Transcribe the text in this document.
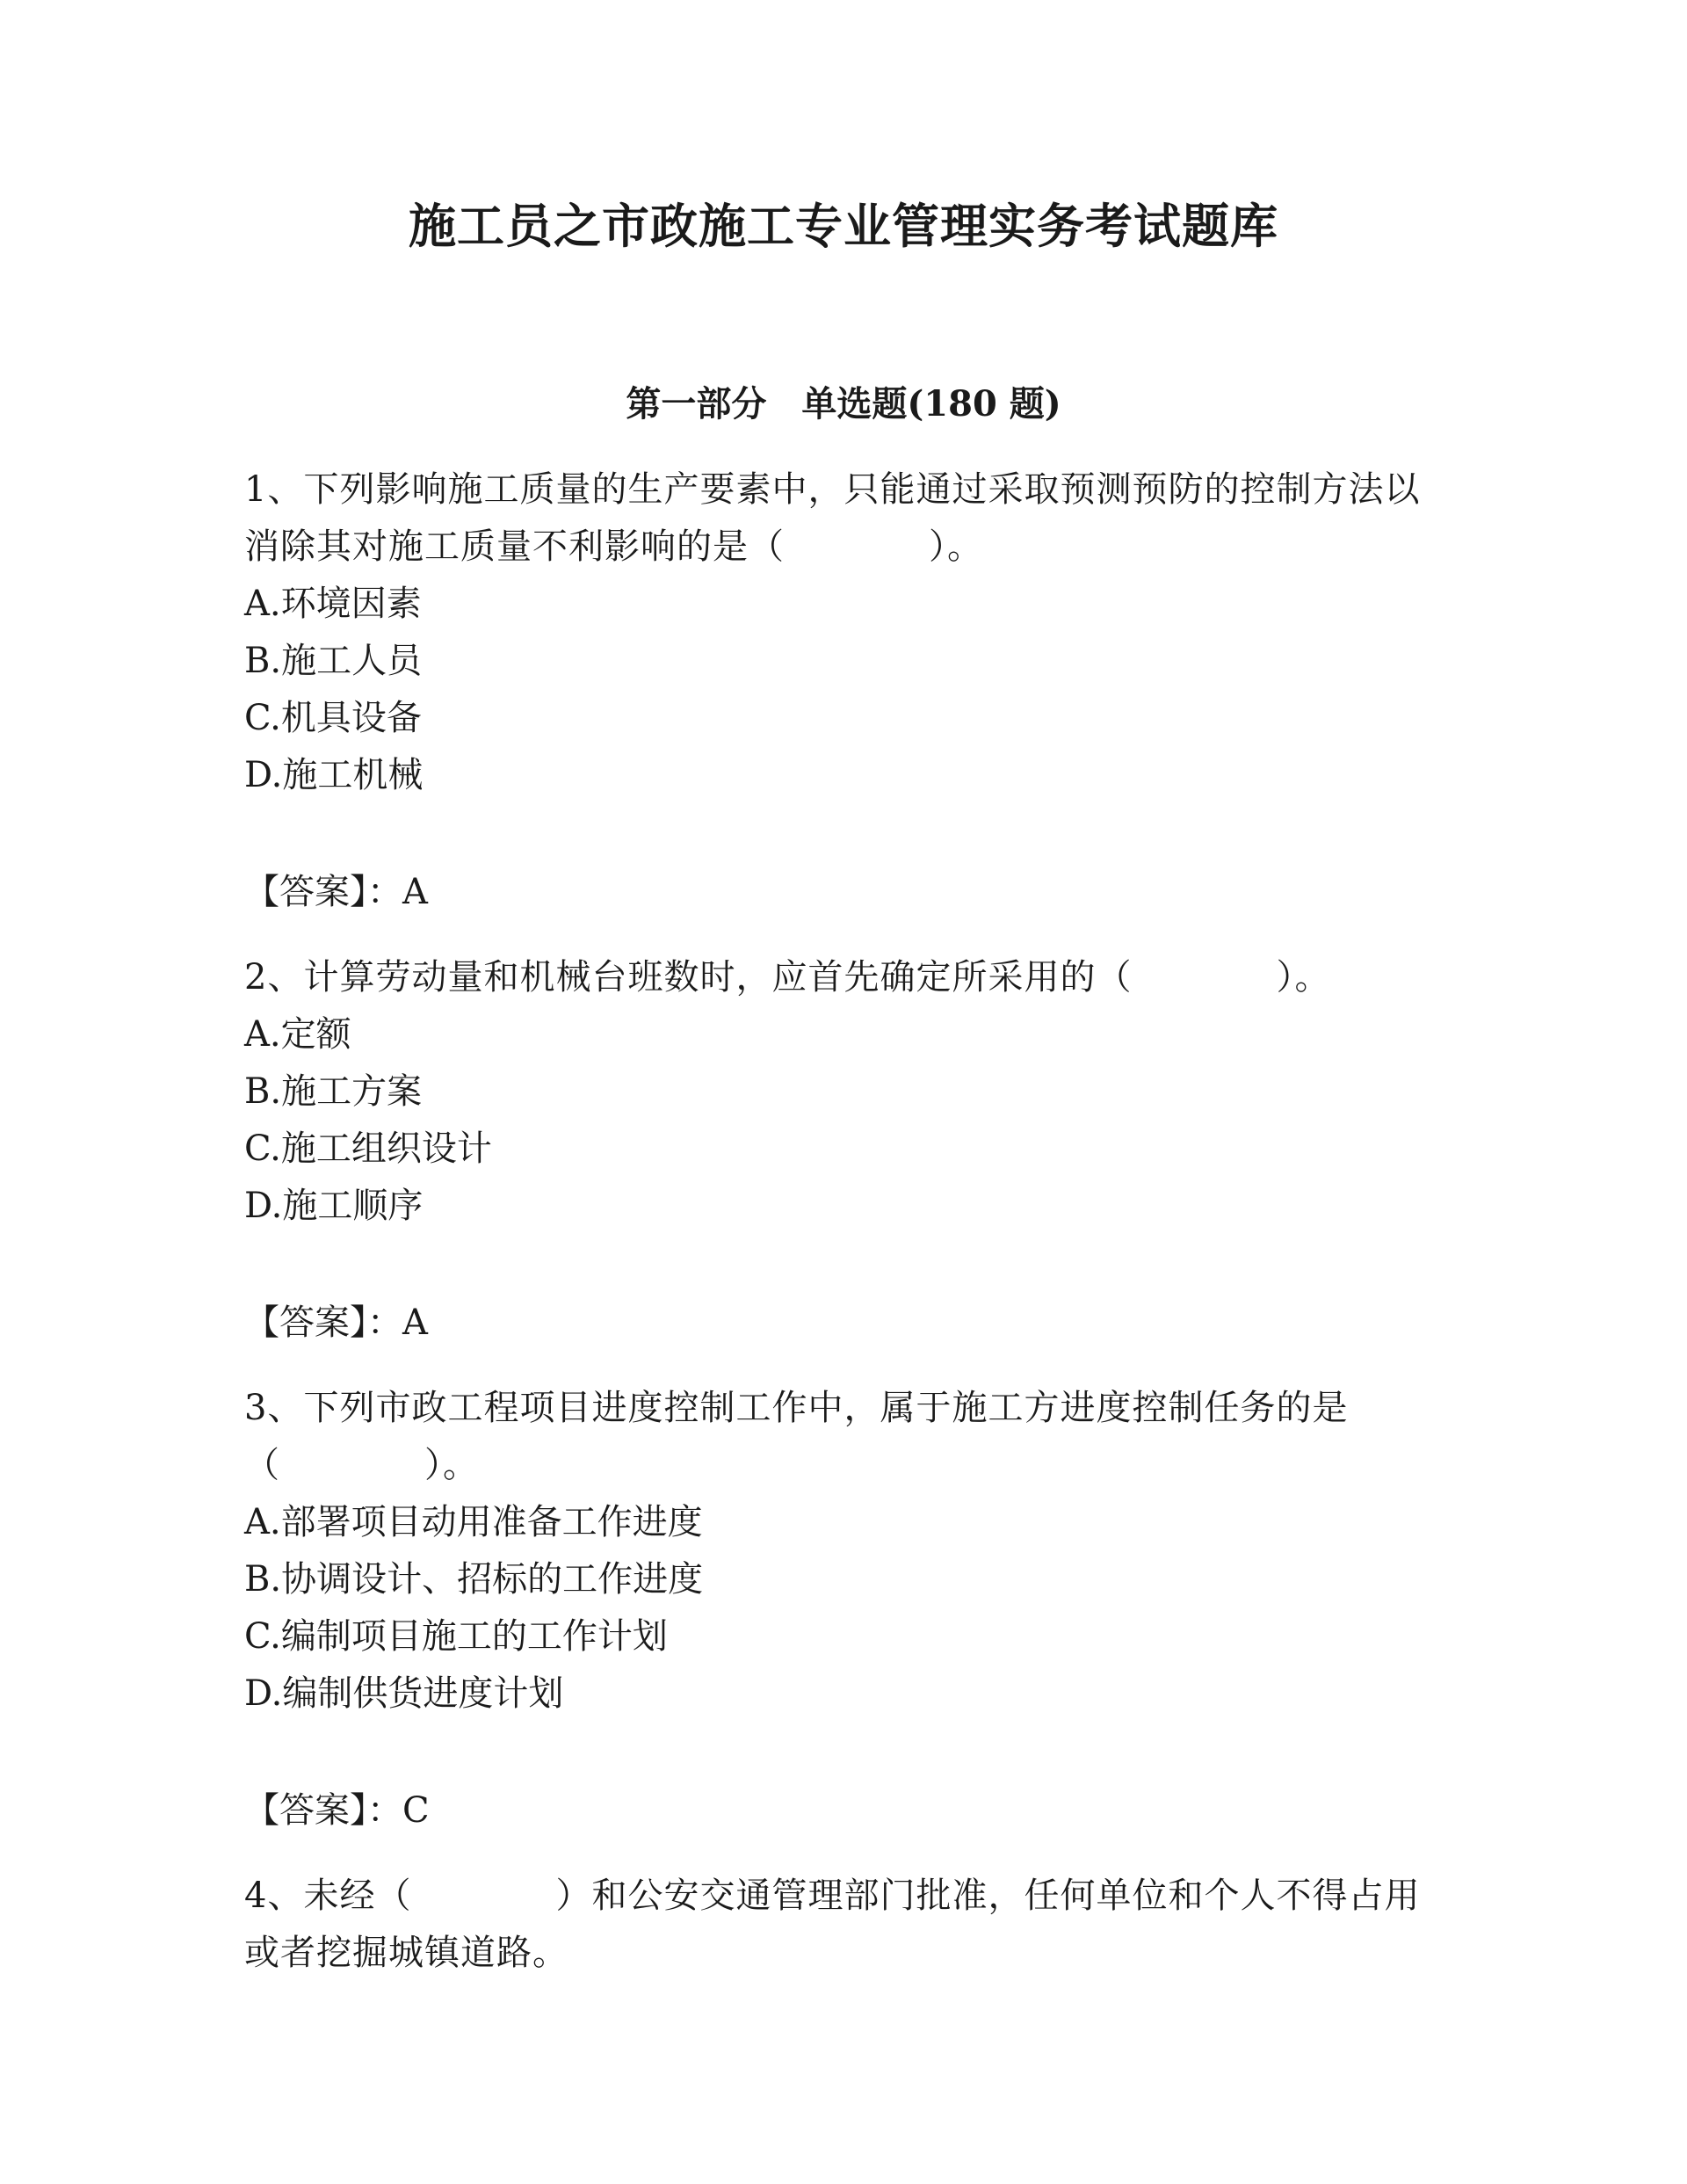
施工员之市政施工专业管理实务考试题库
第一部分　单选题(180 题)

1、下列影响施工质量的生产要素中，只能通过采取预测预防的控制方法以消除其对施工质量不利影响的是（　　　　）。

A.环境因素

B.施工人员

C.机具设备

D.施工机械

【答案】：A

2、计算劳动量和机械台班数时，应首先确定所采用的（　　　　）。

A.定额

B.施工方案

C.施工组织设计

D.施工顺序

【答案】：A

3、下列市政工程项目进度控制工作中，属于施工方进度控制任务的是（　　　　）。

A.部署项目动用准备工作进度

B.协调设计、招标的工作进度

C.编制项目施工的工作计划

D.编制供货进度计划

【答案】：C

4、未经（　　　　）和公安交通管理部门批准，任何单位和个人不得占用或者挖掘城镇道路。
